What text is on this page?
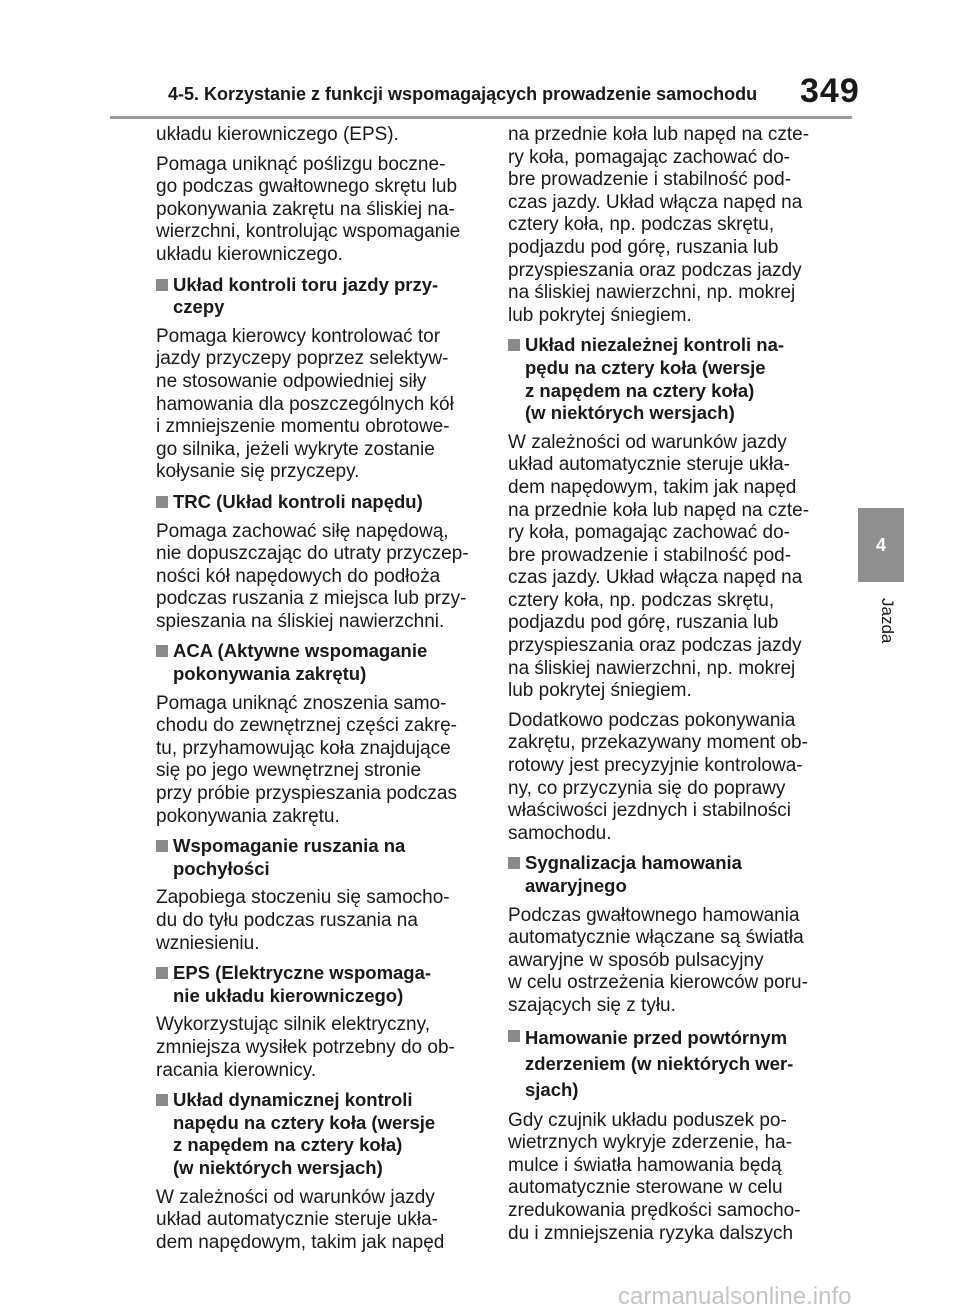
4-5. Korzystanie z funkcji wspomagających prowadzenie samochodu 349
4
Jazda
układu kierowniczego (EPS).
Pomaga uniknąć poślizgu boczne-
go podczas gwałtownego skrętu lub
pokonywania zakrętu na śliskiej na-
wierzchni, kontrolując wspomaganie
układu kierowniczego.
Układ kontroli toru jazdy przy-
czepy
Pomaga kierowcy kontrolować tor
jazdy przyczepy poprzez selektyw-
ne stosowanie odpowiedniej siły
hamowania dla poszczególnych kół
i zmniejszenie momentu obrotowe-
go silnika, jeżeli wykryte zostanie
kołysanie się przyczepy.
TRC (Układ kontroli napędu)
Pomaga zachować siłę napędową,
nie dopuszczając do utraty przyczep-
ności kół napędowych do podłoża
podczas ruszania z miejsca lub przy-
spieszania na śliskiej nawierzchni.
ACA (Aktywne wspomaganie
pokonywania zakrętu)
Pomaga uniknąć znoszenia samo-
chodu do zewnętrznej części zakrę-
tu, przyhamowując koła znajdujące
się po jego wewnętrznej stronie
przy próbie przyspieszania podczas
pokonywania zakrętu.
Wspomaganie ruszania na
pochyłości
Zapobiega stoczeniu się samocho-
du do tyłu podczas ruszania na
wzniesieniu.
EPS (Elektryczne wspomaga-
nie układu kierowniczego)
Wykorzystując silnik elektryczny,
zmniejsza wysiłek potrzebny do ob-
racania kierownicy.
Układ dynamicznej kontroli
napędu na cztery koła (wersje
z napędem na cztery koła)
(w niektórych wersjach)
W zależności od warunków jazdy
układ automatycznie steruje ukła-
dem napędowym, takim jak napęd
na przednie koła lub napęd na czte-
ry koła, pomagając zachować do-
bre prowadzenie i stabilność pod-
czas jazdy. Układ włącza napęd na
cztery koła, np. podczas skrętu,
podjazdu pod górę, ruszania lub
przyspieszania oraz podczas jazdy
na śliskiej nawierzchni, np. mokrej
lub pokrytej śniegiem.
Układ niezależnej kontroli na-
pędu na cztery koła (wersje
z napędem na cztery koła)
(w niektórych wersjach)
W zależności od warunków jazdy
układ automatycznie steruje ukła-
dem napędowym, takim jak napęd
na przednie koła lub napęd na czte-
ry koła, pomagając zachować do-
bre prowadzenie i stabilność pod-
czas jazdy. Układ włącza napęd na
cztery koła, np. podczas skrętu,
podjazdu pod górę, ruszania lub
przyspieszania oraz podczas jazdy
na śliskiej nawierzchni, np. mokrej
lub pokrytej śniegiem.
Dodatkowo podczas pokonywania
zakrętu, przekazywany moment ob-
rotowy jest precyzyjnie kontrolowa-
ny, co przyczynia się do poprawy
właściwości jezdnych i stabilności
samochodu.
Sygnalizacja hamowania
awaryjnego
Podczas gwałtownego hamowania
automatycznie włączane są światła
awaryjne w sposób pulsacyjny
w celu ostrzeżenia kierowców poru-
szających się z tyłu.
Hamowanie przed powtórnym
zderzeniem (w niektórych wer-
sjach)
Gdy czujnik układu poduszek po-
wietrznych wykryje zderzenie, ha-
mulce i światła hamowania będą
automatycznie sterowane w celu
zredukowania prędkości samocho-
du i zmniejszenia ryzyka dalszych
carmanualsonline.info
